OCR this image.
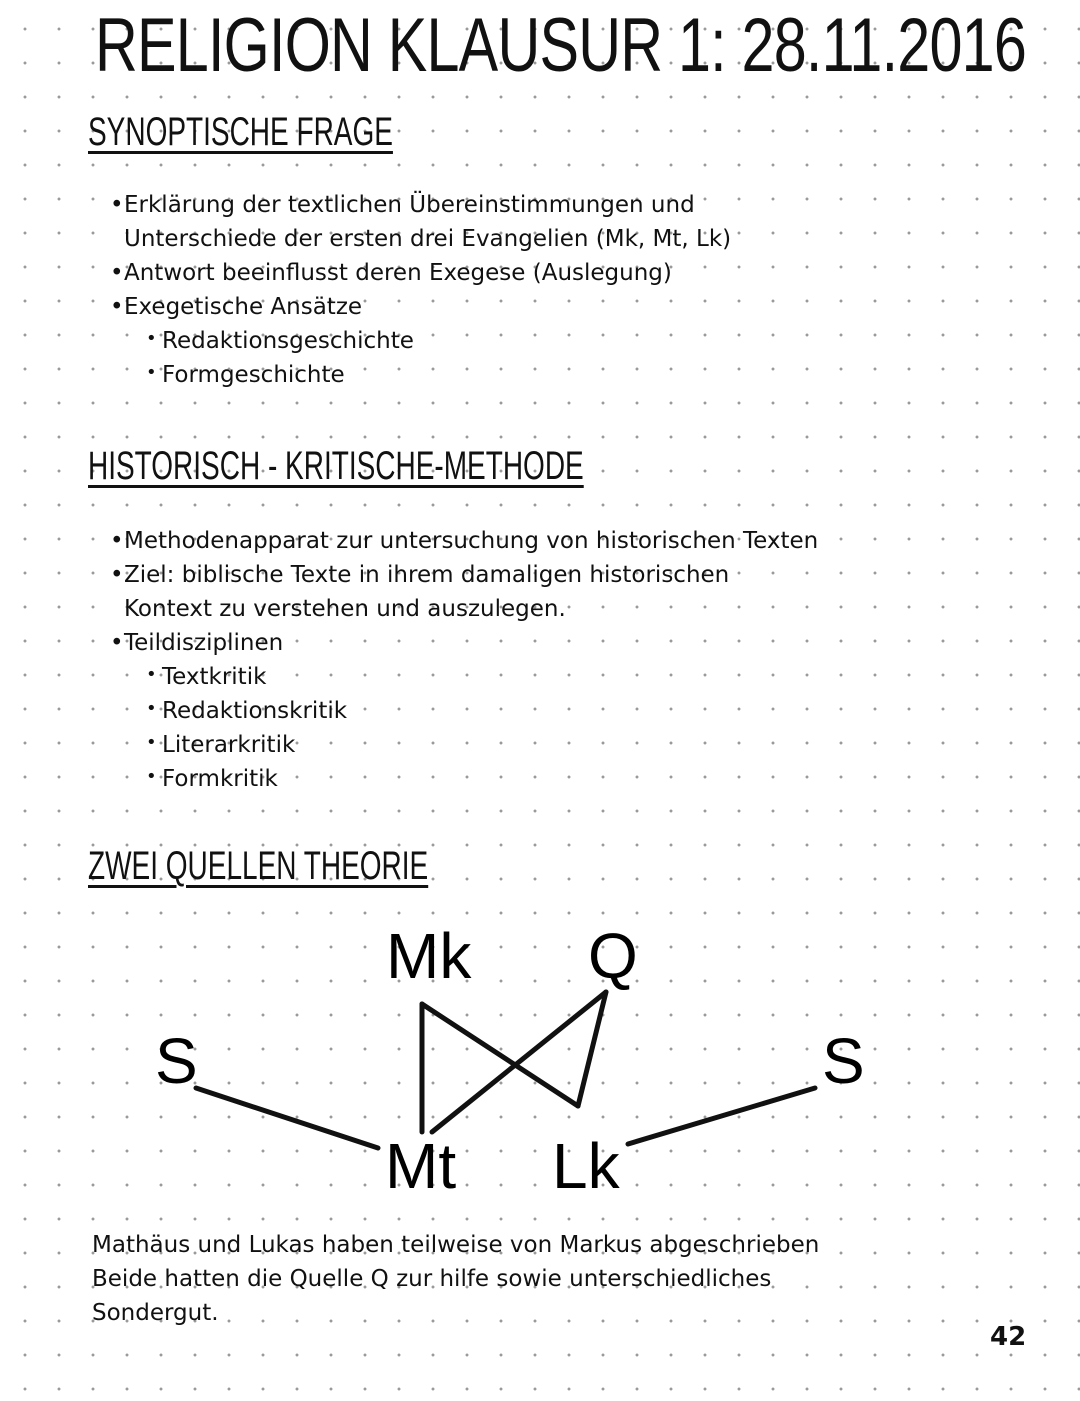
RELIGION KLAUSUR 1: 28.11.2016
SYNOPTISCHE FRAGE
• Erklärung der textlichen Übereinstimmungen und
Unterschiede der ersten drei Evangelien (Mk, Mt, Lk)
• Antwort beeinflusst deren Exegese (Auslegung)
• Exegetische Ansätze
• Redaktionsgeschichte
• Formgeschichte
HISTORISCH - KRITISCHE-METHODE
• Methodenapparat zur untersuchung von historischen Texten
• Ziel: biblische Texte in ihrem damaligen historischen
Kontext zu verstehen und auszulegen.
• Teildisziplinen
• Textkritik
• Redaktionskritik
• Literarkritik
• Formkritik
ZWEI QUELLEN THEORIE
Mk Q
S	S
Mt Lk

Mathäus und Lukas haben teilweise von Markus abgeschrieben
Beide hatten die Quelle Q zur hilfe sowie unterschiedliches
Sondergut.

42
